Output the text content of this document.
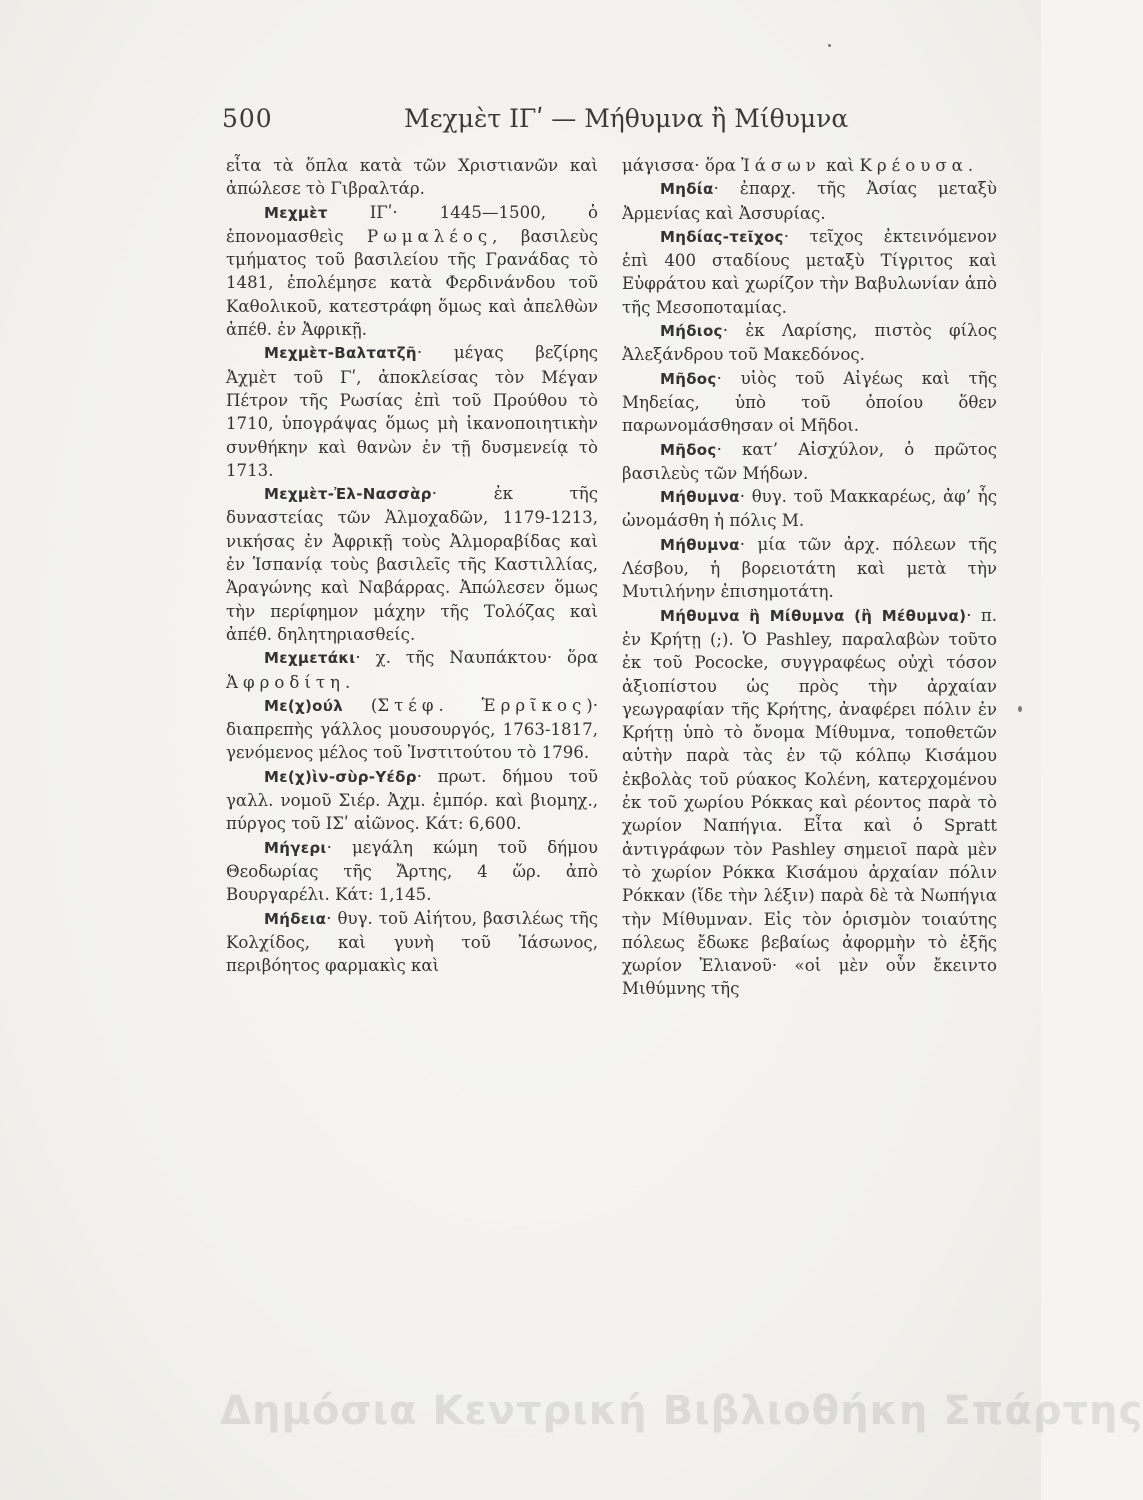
500	Μεχμὲτ ΙΓʹ — Μήθυμνα ἢ Μίθυμνα

εἶτα τὰ ὅπλα κατὰ τῶν Χριστιανῶν καὶ ἀπώλεσε τὸ Γιβραλτάρ.

Μεχμὲτ ΙΓʹ· 1445—1500, ὁ ἐπονομασθεὶς Ρωμαλέος, βασιλεὺς τμήματος τοῦ βασιλείου τῆς Γρανάδας τὸ 1481, ἐπολέμησε κατὰ Φερδινάνδου τοῦ Καθολικοῦ, κατεστράφη ὅμως καὶ ἀπελθὼν ἀπέθ. ἐν Ἀφρικῇ.

Μεχμὲτ-Βαλτατζῆ· μέγας βεζίρης Ἀχμὲτ τοῦ Γʹ, ἀποκλείσας τὸν Μέγαν Πέτρον τῆς Ρωσίας ἐπὶ τοῦ Προύθου τὸ 1710, ὑπογράψας ὅμως μὴ ἱκανοποιητικὴν συνθήκην καὶ θανὼν ἐν τῇ δυσμενείᾳ τὸ 1713.

Μεχμὲτ-Ἐλ-Νασσὰρ· ἐκ τῆς δυναστείας τῶν Ἀλμοχαδῶν, 1179-1213, νικήσας ἐν Ἀφρικῇ τοὺς Ἀλμοραβίδας καὶ ἐν Ἱσπανίᾳ τοὺς βασιλεῖς τῆς Καστιλλίας, Ἀραγώνης καὶ Ναβάρρας. Ἀπώλεσεν ὅμως τὴν περίφημον μάχην τῆς Τολόζας καὶ ἀπέθ. δηλητηριασθείς.

Μεχμετάκι· χ. τῆς Ναυπάκτου· ὅρα Ἀφροδίτη.

Με(χ)ούλ (Στέφ. Ἑρρῖκος)· διαπρεπὴς γάλλος μουσουργός, 1763-1817, γενόμενος μέλος τοῦ Ἰνστιτούτου τὸ 1796.

Με(χ)ὶν-σὺρ-Υέδρ· πρωτ. δήμου τοῦ γαλλ. νομοῦ Σιέρ. Ἀχμ. ἐμπόρ. καὶ βιομηχ., πύργος τοῦ ΙΣʹ αἰῶνος. Κάτ: 6,600.

Μήγερι· μεγάλη κώμη τοῦ δήμου Θεοδωρίας τῆς Ἄρτης, 4 ὥρ. ἀπὸ Βουργαρέλι. Κάτ: 1,145.

Μήδεια· θυγ. τοῦ Αἰήτου, βασιλέως τῆς Κολχίδος, καὶ γυνὴ τοῦ Ἰάσωνος, περιβόητος φαρμακὶς καὶ

μάγισσα· ὅρα Ἰάσων καὶ Κρέουσα.

Μηδία· ἐπαρχ. τῆς Ἀσίας μεταξὺ Ἀρμενίας καὶ Ἀσσυρίας.

Μηδίας-τεῖχος· τεῖχος ἐκτεινόμενον ἐπὶ 400 σταδίους μεταξὺ Τίγριτος καὶ Εὐφράτου καὶ χωρίζον τὴν Βαβυλωνίαν ἀπὸ τῆς Μεσοποταμίας.

Μήδιος· ἐκ Λαρίσης, πιστὸς φίλος Ἀλεξάνδρου τοῦ Μακεδόνος.

Μῆδος· υἱὸς τοῦ Αἰγέως καὶ τῆς Μηδείας, ὑπὸ τοῦ ὁποίου ὅθεν παρωνομάσθησαν οἱ Μῆδοι.

Μῆδος· κατ’ Αἰσχύλον, ὁ πρῶτος βασιλεὺς τῶν Μήδων.

Μήθυμνα· θυγ. τοῦ Μακκαρέως, ἀφ’ ἧς ὠνομάσθη ἡ πόλις Μ.

Μήθυμνα· μία τῶν ἀρχ. πόλεων τῆς Λέσβου, ἡ βορειοτάτη καὶ μετὰ τὴν Μυτιλήνην ἐπισημοτάτη.

Μήθυμνα ἢ Μίθυμνα (ἢ Μέθυμνα)· π. ἐν Κρήτῃ (;). Ὁ Pashley, παραλαβὼν τοῦτο ἐκ τοῦ Pococke, συγγραφέως οὐχὶ τόσον ἀξιοπίστου ὡς πρὸς τὴν ἀρχαίαν γεωγραφίαν τῆς Κρήτης, ἀναφέρει πόλιν ἐν Κρήτῃ ὑπὸ τὸ ὄνομα Μίθυμνα, τοποθετῶν αὐτὴν παρὰ τὰς ἐν τῷ κόλπῳ Κισάμου ἐκβολὰς τοῦ ρύακος Κολένη, κατερχομένου ἐκ τοῦ χωρίου Ρόκκας καὶ ρέοντος παρὰ τὸ χωρίον Ναπήγια. Εἶτα καὶ ὁ Spratt ἀντιγράφων τὸν Pashley σημειοῖ παρὰ μὲν τὸ χωρίον Ρόκκα Κισάμου ἀρχαίαν πόλιν Ρόκκαν (ἴδε τὴν λέξιν) παρὰ δὲ τὰ Νωπήγια τὴν Μίθυμναν. Εἰς τὸν ὁρισμὸν τοιαύτης πόλεως ἔδωκε βεβαίως ἀφορμὴν τὸ ἐξῆς χωρίον Ἐλιανοῦ· «οἱ μὲν οὖν ἔκειντο Μιθύμνης τῆς

Δημόσια Κεντρική Βιβλιοθήκη Σπάρτης
